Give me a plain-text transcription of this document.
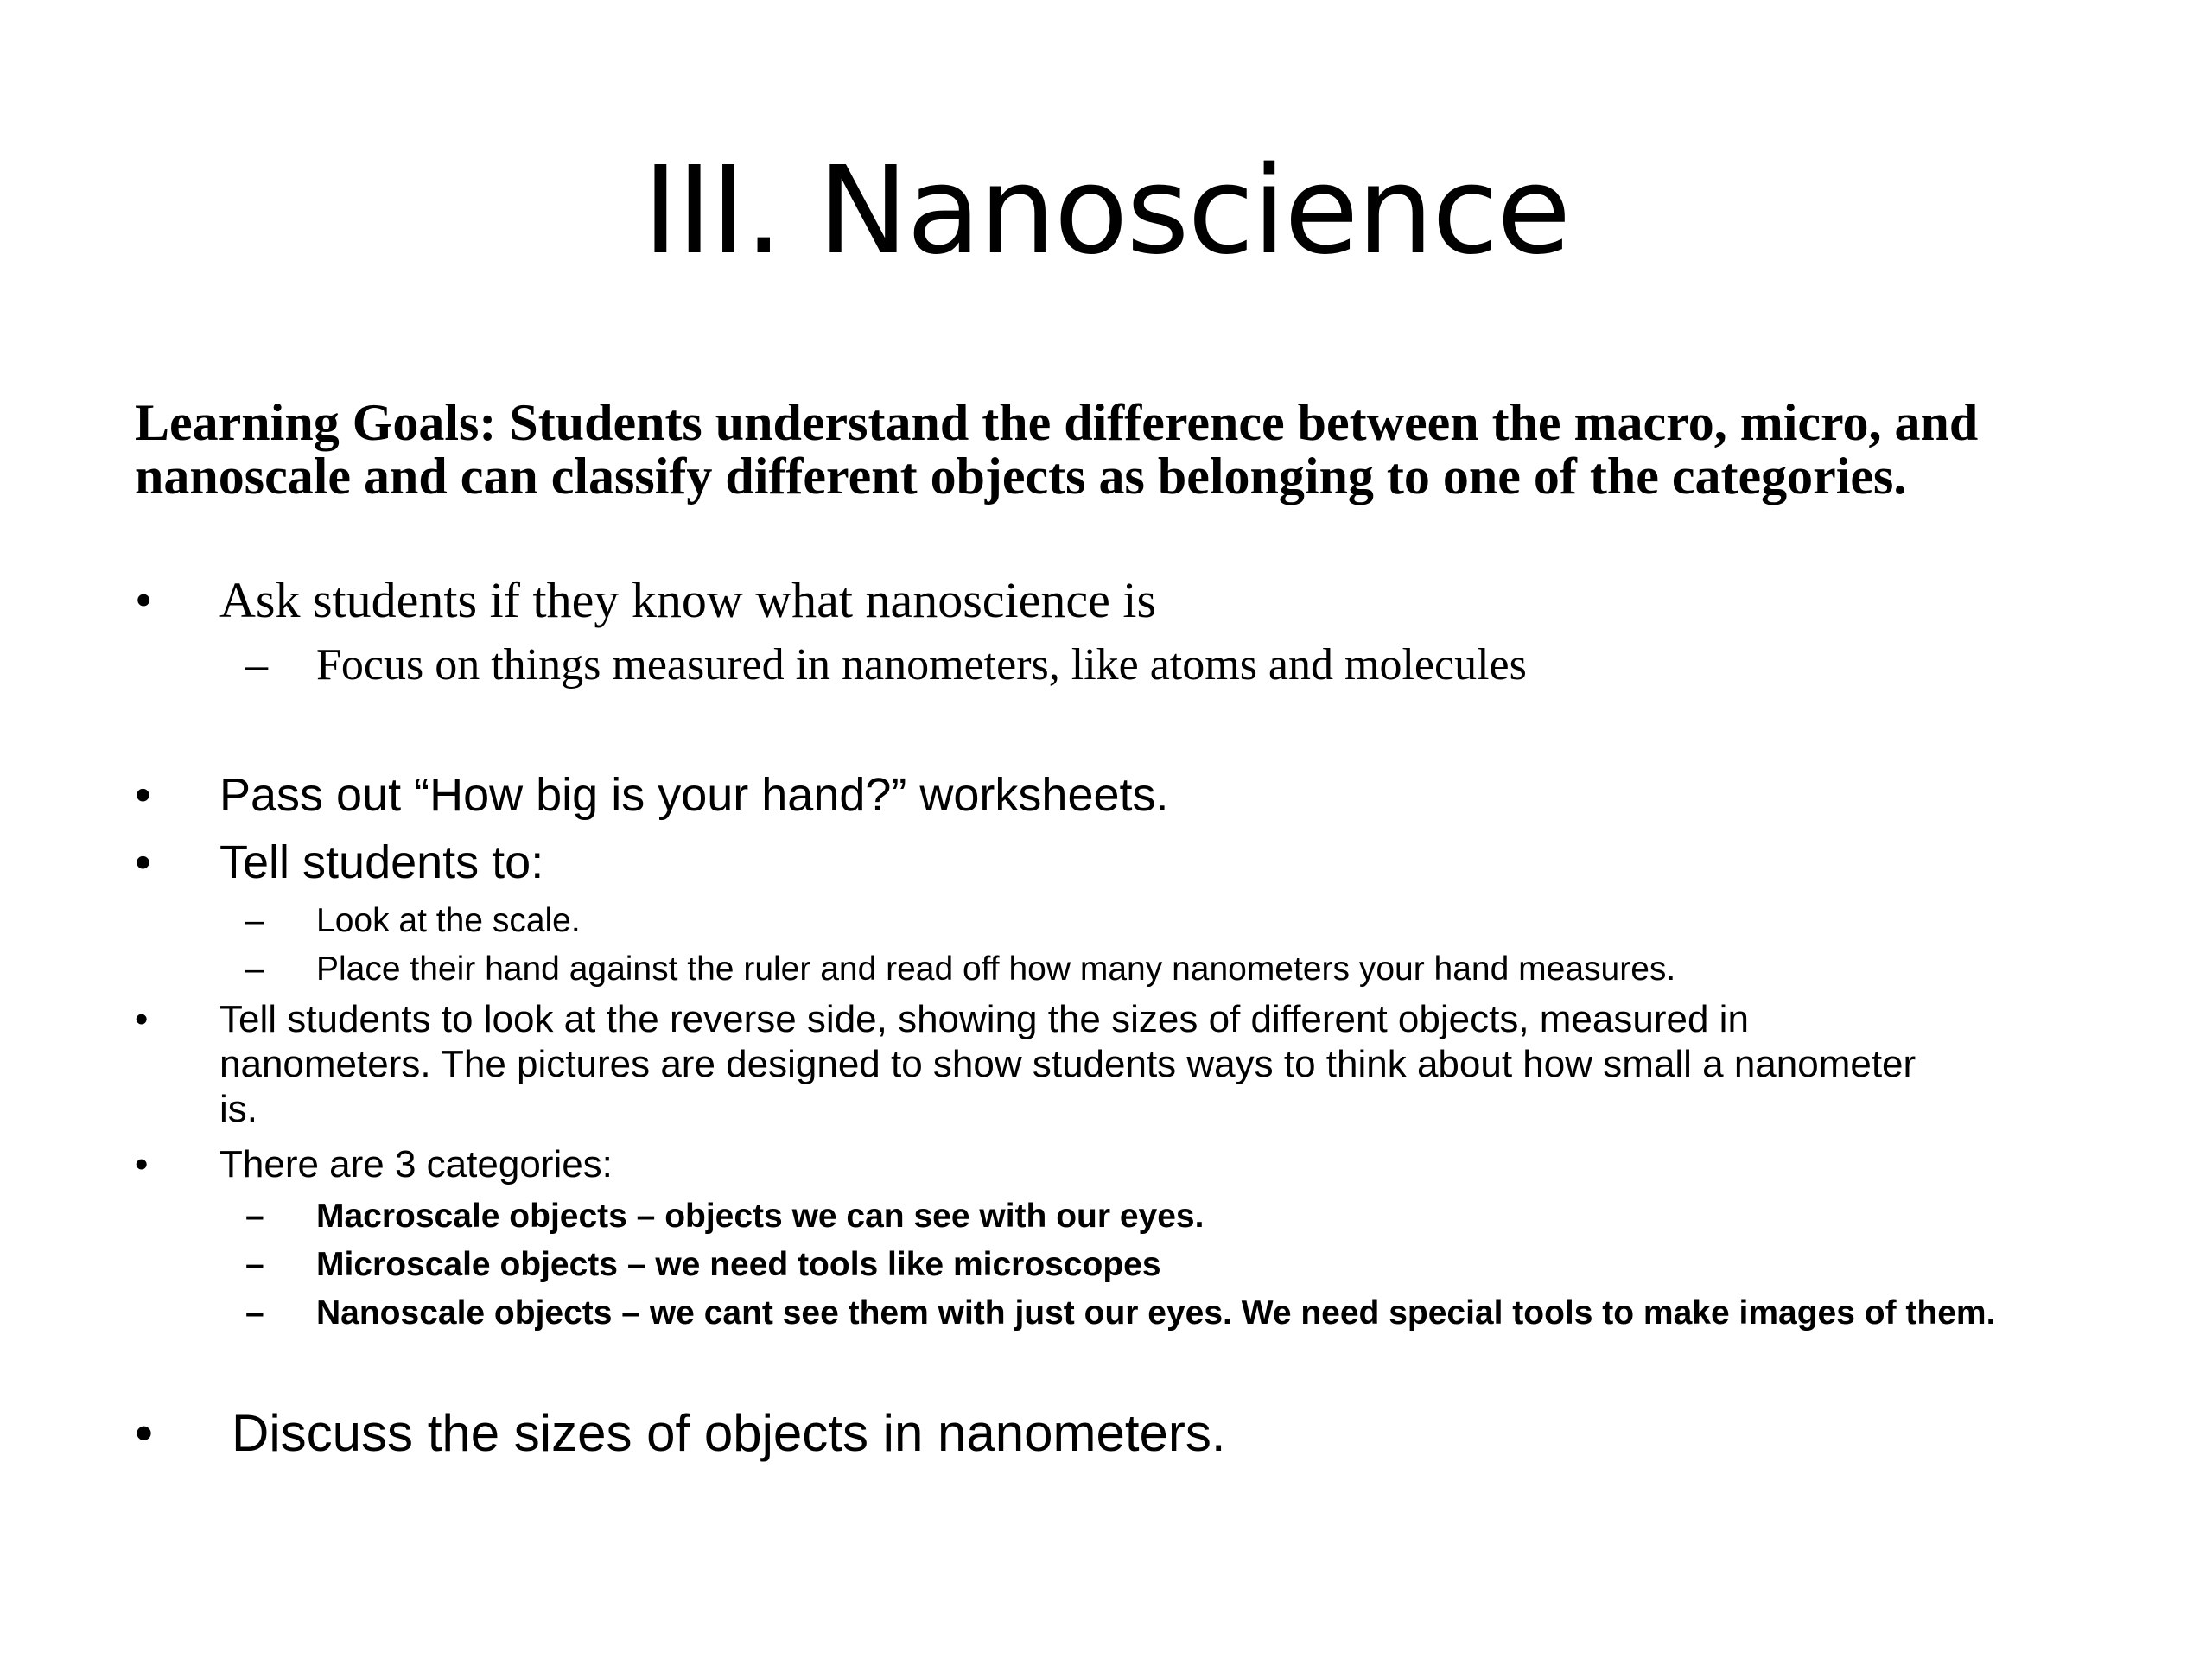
III. Nanoscience

Learning Goals: Students understand the difference between the macro, micro, and nanoscale and can classify different objects as belonging to one of the categories.

• Ask students if they know what nanoscience is
– Focus on things measured in nanometers, like atoms and molecules
• Pass out “How big is your hand?” worksheets.
• Tell students to:
– Look at the scale.
– Place their hand against the ruler and read off how many nanometers your hand measures.
• Tell students to look at the reverse side, showing the sizes of different objects, measured in nanometers. The pictures are designed to show students ways to think about how small a nanometer is.
• There are 3 categories:
– Macroscale objects – objects we can see with our eyes.
– Microscale objects – we need tools like microscopes
– Nanoscale objects – we cant see them with just our eyes. We need special tools to make images of them.
• Discuss the sizes of objects in nanometers.
